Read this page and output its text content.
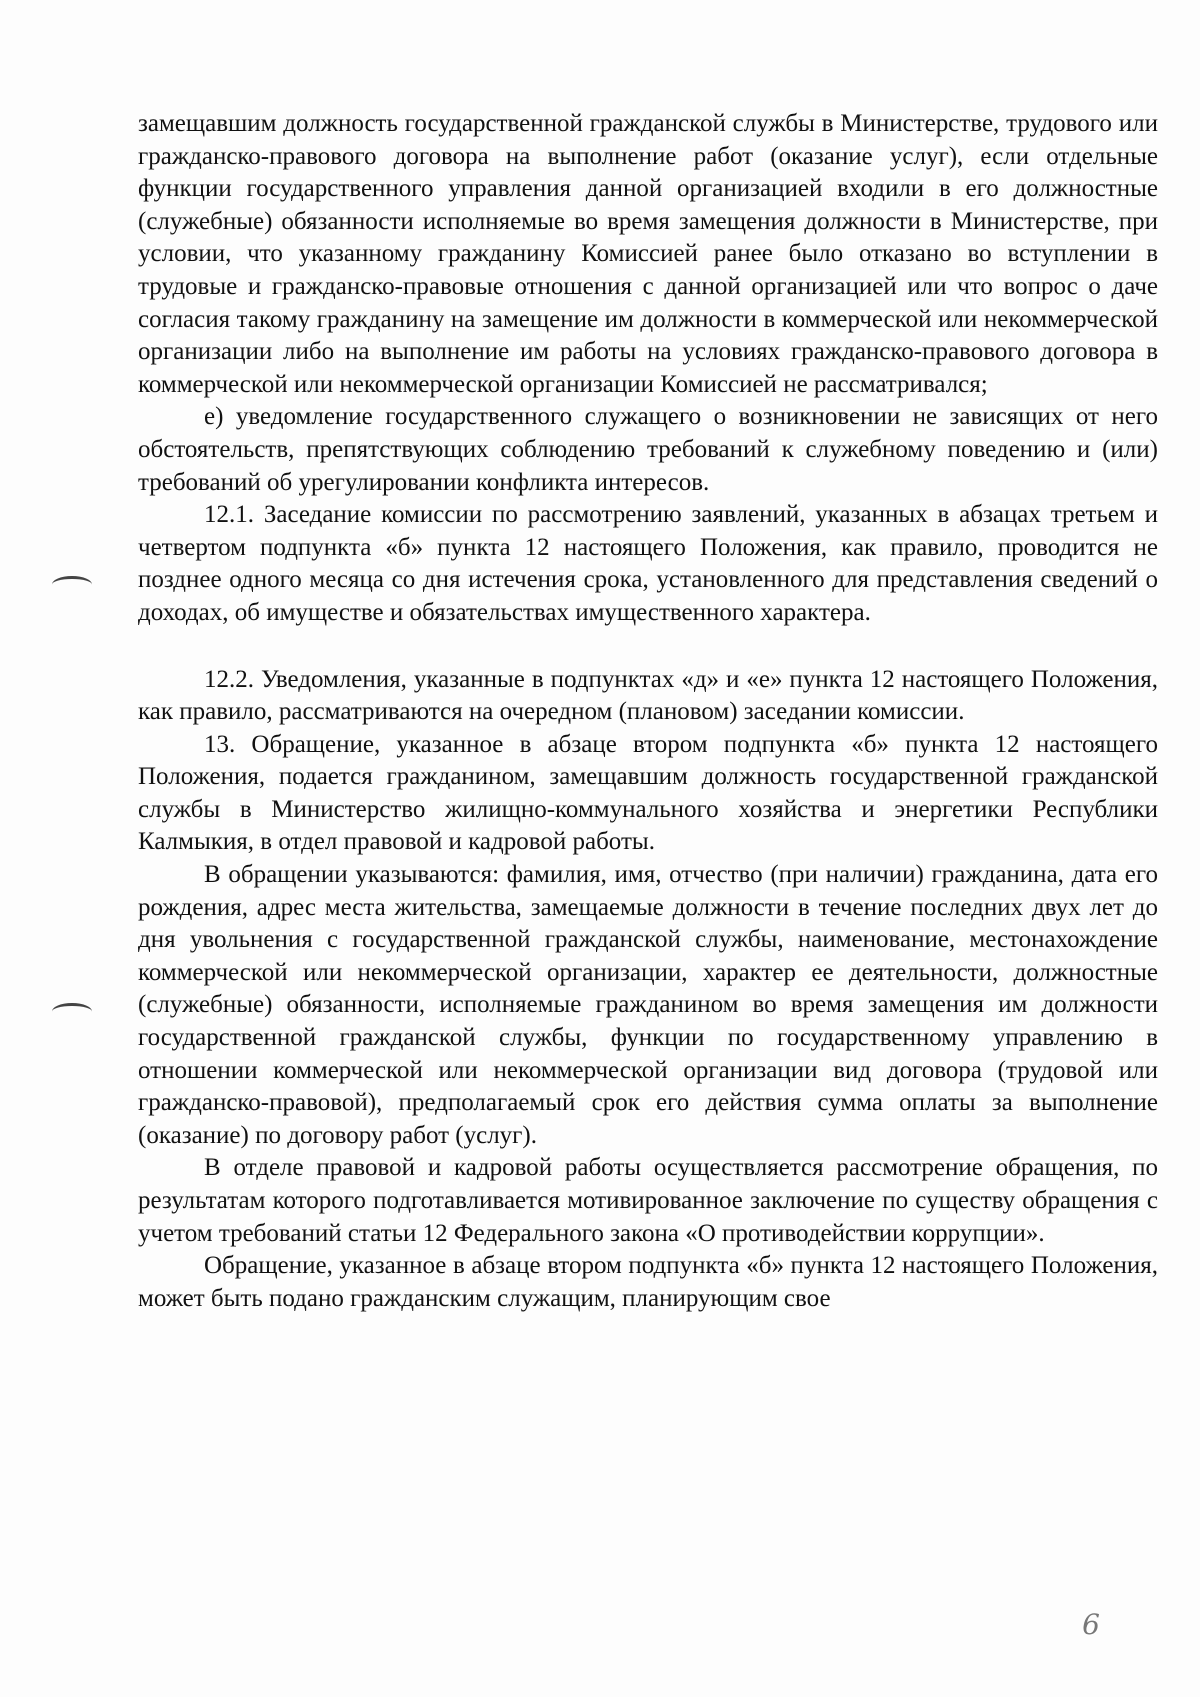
замещавшим должность государственной гражданской службы в Министерстве, трудового или гражданско-правового договора на выполнение работ (оказание услуг), если отдельные функции государственного управления данной организацией входили в его должностные (служебные) обязанности исполняемые во время замещения должности в Министерстве, при условии, что указанному гражданину Комиссией ранее было отказано во вступлении в трудовые и гражданско-правовые отношения с данной организацией или что вопрос о даче согласия такому гражданину на замещение им должности в коммерческой или некоммерческой организации либо на выполнение им работы на условиях гражданско-правового договора в коммерческой или некоммерческой организации Комиссией не рассматривался;

е) уведомление государственного служащего о возникновении не зависящих от него обстоятельств, препятствующих соблюдению требований к служебному поведению и (или) требований об урегулировании конфликта интересов.

12.1. Заседание комиссии по рассмотрению заявлений, указанных в абзацах третьем и четвертом подпункта «б» пункта 12 настоящего Положения, как правило, проводится не позднее одного месяца со дня истечения срока, установленного для представления сведений о доходах, об имуществе и обязательствах имущественного характера.

12.2. Уведомления, указанные в подпунктах «д» и «е» пункта 12 настоящего Положения, как правило, рассматриваются на очередном (плановом) заседании комиссии.

13. Обращение, указанное в абзаце втором подпункта «б» пункта 12 настоящего Положения, подается гражданином, замещавшим должность государственной гражданской службы в Министерство жилищно-коммунального хозяйства и энергетики Республики Калмыкия, в отдел правовой и кадровой работы.

В обращении указываются: фамилия, имя, отчество (при наличии) гражданина, дата его рождения, адрес места жительства, замещаемые должности в течение последних двух лет до дня увольнения с государственной гражданской службы, наименование, местонахождение коммерческой или некоммерческой организации, характер ее деятельности, должностные (служебные) обязанности, исполняемые гражданином во время замещения им должности государственной гражданской службы, функции по государственному управлению в отношении коммерческой или некоммерческой организации вид договора (трудовой или гражданско-правовой), предполагаемый срок его действия сумма оплаты за выполнение (оказание) по договору работ (услуг).

В отделе правовой и кадровой работы осуществляется рассмотрение обращения, по результатам которого подготавливается мотивированное заключение по существу обращения с учетом требований статьи 12 Федерального закона «О противодействии коррупции».

Обращение, указанное в абзаце втором подпункта «б» пункта 12 настоящего Положения, может быть подано гражданским служащим, планирующим свое

6
